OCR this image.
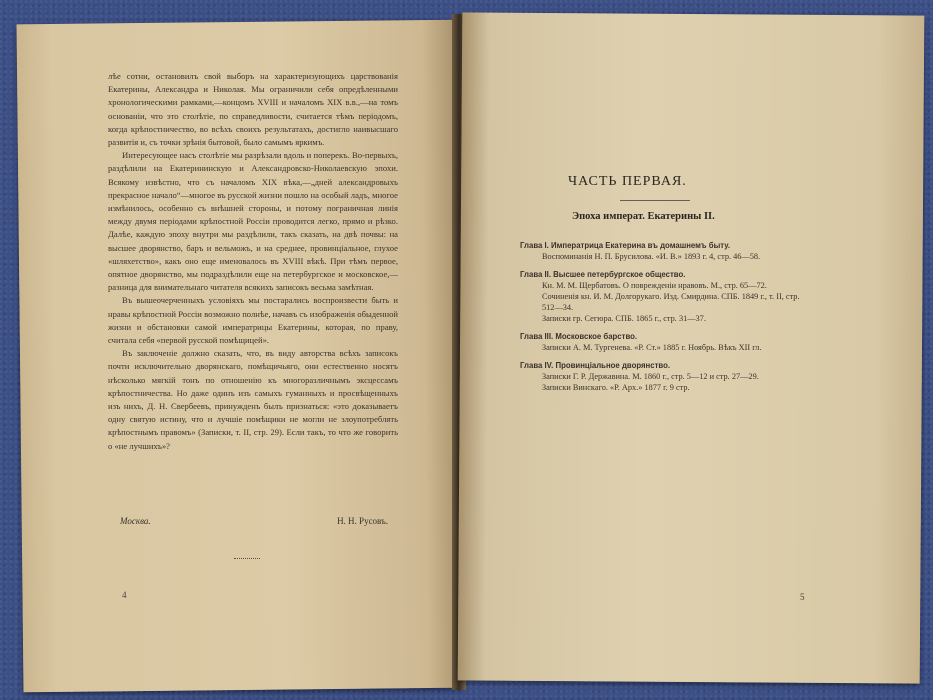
лѣе сотни, остановилъ свой выборъ на характеризующихъ царствованія Екатерины, Александра и Николая. Мы ограничили себя опредѣленными хронологическими рамками,—концомъ XVIII и началомъ XIX в.в.,—на томъ основаніи, что это столѣтіе, по справедливости, считается тѣмъ періодомъ, когда крѣпостничество, во всѣхъ своихъ результатахъ, достигло наивысшаго развитія и, съ точки зрѣнія бытовой, было самымъ яркимъ.

Интересующее насъ столѣтіе мы разрѣзали вдоль и поперекъ. Во-первыхъ, раздѣлили на Екатерининскую и Александровско-Николаевскую эпохи. Всякому извѣстно, что съ началомъ XIX вѣка,—„дней александровыхъ прекрасное начало“—многое въ русской жизни пошло на особый ладъ, многое измѣнилось, особенно съ внѣшней стороны, и потому пограничная линія между двумя періодами крѣпостной Россіи проводится легко, прямо и рѣзко. Далѣе, каждую эпоху внутри мы раздѣлили, такъ сказать, на двѣ почвы: на высшее дворянство, баръ и вельможъ, и на среднее, провинціальное, глухое «шляхетство», какъ оно еще именовалось въ XVIII вѣкѣ. При тѣмъ первое, опятное дворянство, мы подраздѣлили еще на петербургское и московское,—разница для внимательнаго читателя всякихъ записокъ весьма замѣтная.

Въ вышеочерченныхъ условіяхъ мы постарались воспроизвести быть и нравы крѣпостной Россіи возможно полнѣе, начавъ съ изображенія обыденной жизни и обстановки самой императрицы Екатерины, которая, по праву, считала себя «первой русской помѣщицей».

Въ заключеніе должно сказать, что, въ виду авторства всѣхъ записокъ почти исключительно дворянскаго, помѣщичьяго, они естественно носятъ нѣсколько мягкій тонъ по отношенію къ многоразличнымъ эксцессамъ крѣпостничества. Но даже одинъ изъ самыхъ гуманныхъ и просвѣщенныхъ изъ нихъ, Д. Н. Свербеевъ, принужденъ былъ признаться: «это доказываетъ одну святую истину, что и лучшіе помѣщики не могли не злоупотреблять крѣпостнымъ правомъ» (Записки, т. II, стр. 29). Если такъ, то что же говорить о «не лучшихъ»?

Москва.	Н. Н. Русовъ.
4
ЧАСТЬ ПЕРВАЯ.
Эпоха императ. Екатерины II.
Глава I. Императрица Екатерина въ домашнемъ быту.
Воспоминанія Н. П. Брусилова. «И. В.» 1893 г. 4, стр. 46—58.
Глава II. Высшее петербургское общество.
Кн. М. М. Щербатовъ. О поврежденіи нравовъ. М., стр. 65—72.
Сочиненія кн. И. М. Долгорукаго. Изд. Смирдина. СПБ. 1849 г., т. II, стр. 512—34.
Записки гр. Сегюра. СПБ. 1865 г., стр. 31—37.
Глава III. Московское барство.
Записки А. М. Тургенева. «Р. Ст.» 1885 г. Ноябрь. Вѣкъ XII гл.
Глава IV. Провинціальное дворянство.
Записки Г. Р. Державина. М. 1860 г., стр. 5—12 и стр. 27—29.
Записки Винскаго. «Р. Арх.» 1877 г. 9 стр.
5
